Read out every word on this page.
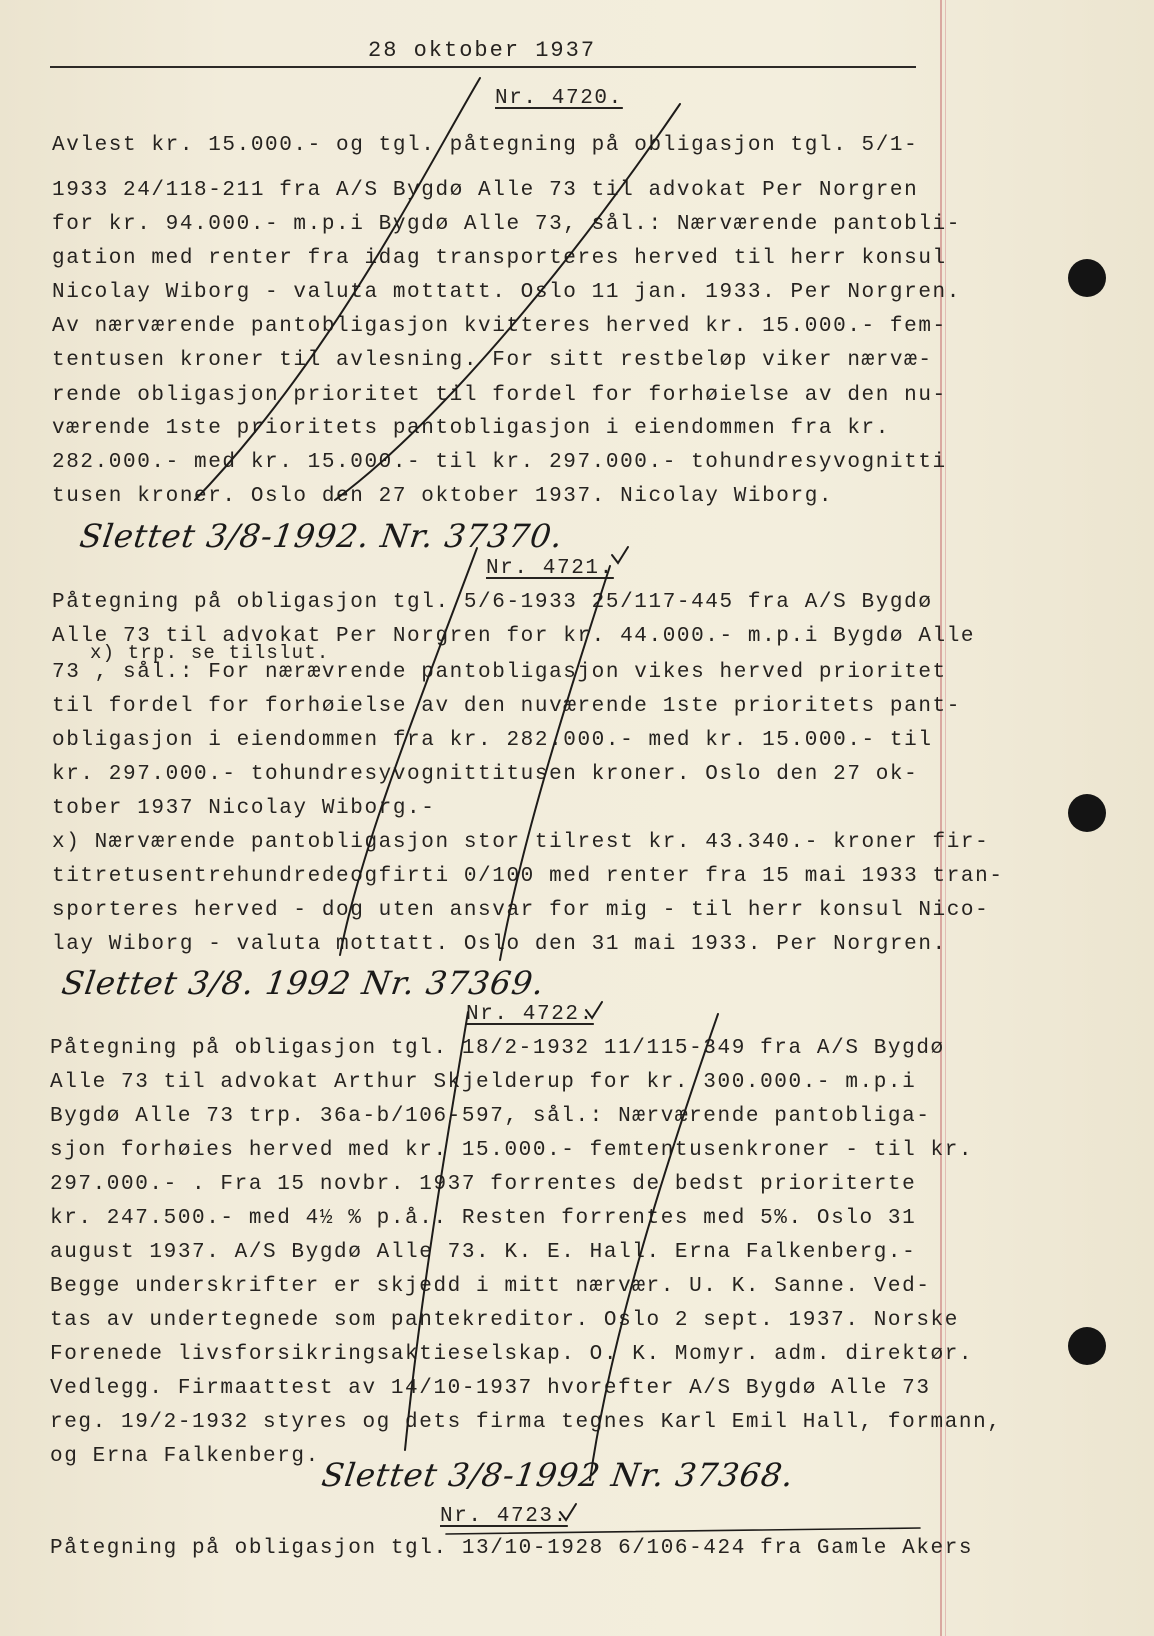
28 oktober 1937
Nr. 4720.
Avlest kr. 15.000.- og tgl. påtegning på obligasjon tgl. 5/1-
1933 24/118-211 fra A/S Bygdø Alle 73 til advokat Per Norgren
for kr. 94.000.- m.p.i Bygdø Alle 73, sål.: Nærværende pantobli-
gation med renter fra idag transporteres herved til herr konsul
Nicolay Wiborg - valuta mottatt. Oslo 11 jan. 1933. Per Norgren.
Av nærværende pantobligasjon kvitteres herved kr. 15.000.- fem-
tentusen kroner til avlesning. For sitt restbeløp viker nærvæ-
rende obligasjon prioritet til fordel for forhøielse av den nu-
værende 1ste prioritets pantobligasjon i eiendommen fra kr.
282.000.- med kr. 15.000.- til kr. 297.000.- tohundresyvognitti
tusen kroner. Oslo den 27 oktober 1937. Nicolay Wiborg.
Slettet 3/8-1992. Nr. 37370.
Nr. 4721.
Påtegning på obligasjon tgl. 5/6-1933 25/117-445 fra A/S Bygdø
Alle 73 til advokat Per Norgren for kr. 44.000.- m.p.i Bygdø Alle
x) trp. se tilslut.
73 , sål.: For nærævrende pantobligasjon vikes herved prioritet
til fordel for forhøielse av den nuværende 1ste prioritets pant-
obligasjon i eiendommen fra kr. 282.000.- med kr. 15.000.- til
kr. 297.000.- tohundresyvognittitusen kroner. Oslo den 27 ok-
tober 1937 Nicolay Wiborg.-
x) Nærværende pantobligasjon stor tilrest kr. 43.340.- kroner fir-
titretusentrehundredeogfirti 0/100 med renter fra 15 mai 1933 tran-
sporteres herved - dog uten ansvar for mig - til herr konsul Nico-
lay Wiborg - valuta mottatt. Oslo den 31 mai 1933. Per Norgren.
Slettet 3/8. 1992 Nr. 37369.
Nr. 4722.
Påtegning på obligasjon tgl. 18/2-1932 11/115-349 fra A/S Bygdø
Alle 73 til advokat Arthur Skjelderup for kr. 300.000.- m.p.i
Bygdø Alle 73 trp. 36a-b/106-597, sål.: Nærværende pantobliga-
sjon forhøies herved med kr. 15.000.- femtentusenkroner - til kr.
297.000.- . Fra 15 novbr. 1937 forrentes de bedst prioriterte
kr. 247.500.- med 4½ % p.å.. Resten forrentes med 5%. Oslo 31
august 1937. A/S Bygdø Alle 73. K. E. Hall. Erna Falkenberg.-
Begge underskrifter er skjedd i mitt nærvær. U. K. Sanne. Ved-
tas av undertegnede som pantekreditor. Oslo 2 sept. 1937. Norske
Forenede livsforsikringsaktieselskap. O. K. Momyr. adm. direktør.
Vedlegg. Firmaattest av 14/10-1937 hvorefter A/S Bygdø Alle 73
reg. 19/2-1932 styres og dets firma tegnes Karl Emil Hall, formann,
og Erna Falkenberg. Slettet 3/8-1992 Nr. 37368.
Nr. 4723.
Påtegning på obligasjon tgl. 13/10-1928 6/106-424 fra Gamle Akers
